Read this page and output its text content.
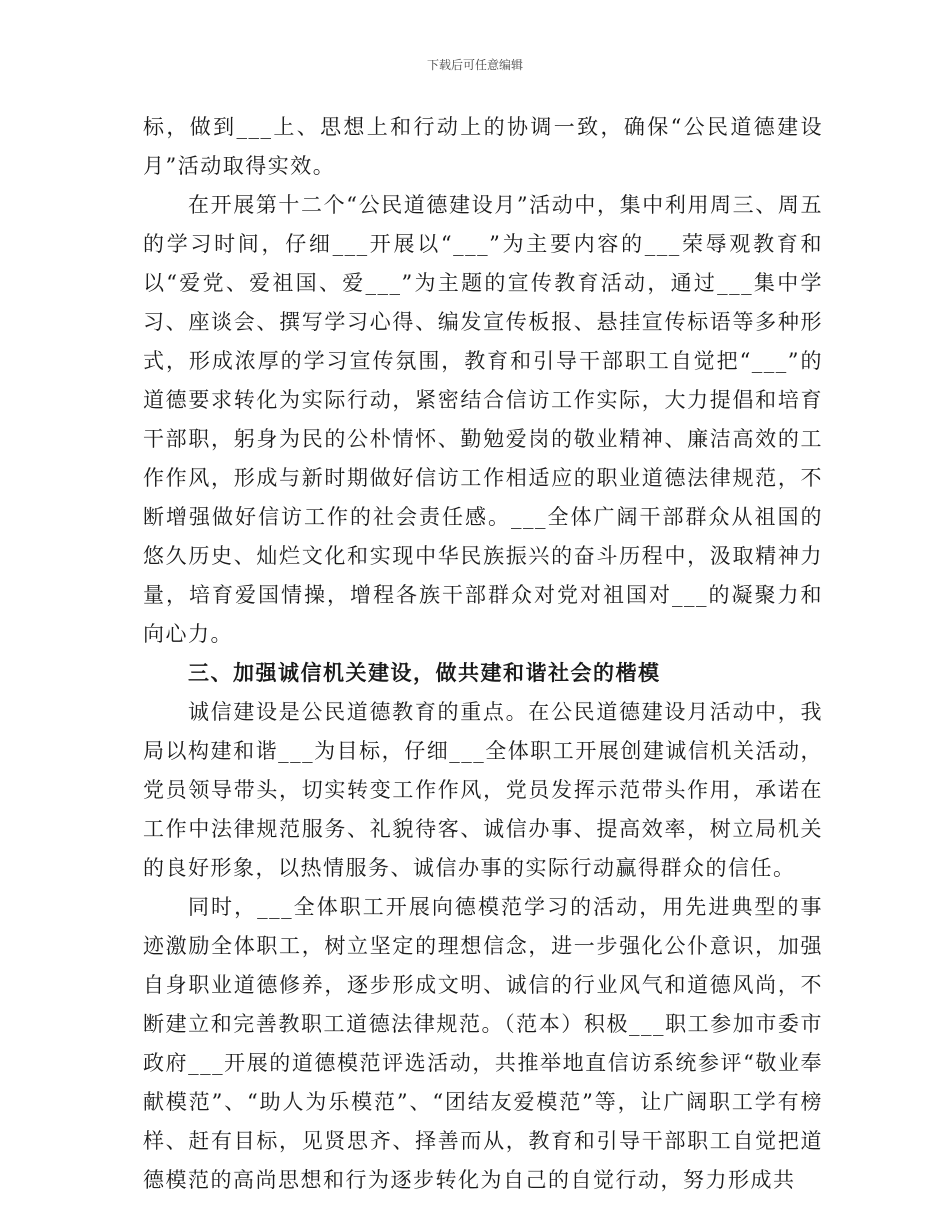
下载后可任意编辑

标，做到___上、思想上和行动上的协调一致，确保“公民道德建设月”活动取得实效。

在开展第十二个“公民道德建设月”活动中，集中利用周三、周五的学习时间，仔细___开展以“___”为主要内容的___荣辱观教育和以“爱党、爱祖国、爱___”为主题的宣传教育活动，通过___集中学习、座谈会、撰写学习心得、编发宣传板报、悬挂宣传标语等多种形式，形成浓厚的学习宣传氛围，教育和引导干部职工自觉把“___”的道德要求转化为实际行动，紧密结合信访工作实际，大力提倡和培育干部职，躬身为民的公朴情怀、勤勉爱岗的敬业精神、廉洁高效的工作作风，形成与新时期做好信访工作相适应的职业道德法律规范，不断增强做好信访工作的社会责任感。___全体广阔干部群众从祖国的悠久历史、灿烂文化和实现中华民族振兴的奋斗历程中，汲取精神力量，培育爱国情操，增程各族干部群众对党对祖国对___的凝聚力和向心力。

三、加强诚信机关建设，做共建和谐社会的楷模

诚信建设是公民道德教育的重点。在公民道德建设月活动中，我局以构建和谐___为目标，仔细___全体职工开展创建诚信机关活动，党员领导带头，切实转变工作作风，党员发挥示范带头作用，承诺在工作中法律规范服务、礼貌待客、诚信办事、提高效率，树立局机关的良好形象，以热情服务、诚信办事的实际行动赢得群众的信任。

同时，___全体职工开展向德模范学习的活动，用先进典型的事迹激励全体职工，树立坚定的理想信念，进一步强化公仆意识，加强自身职业道德修养，逐步形成文明、诚信的行业风气和道德风尚，不断建立和完善教职工道德法律规范。（范本）积极___职工参加市委市政府___开展的道德模范评选活动，共推举地直信访系统参评“敬业奉献模范”、“助人为乐模范”、“团结友爱模范”等，让广阔职工学有榜样、赶有目标，见贤思齐、择善而从，教育和引导干部职工自觉把道德模范的高尚思想和行为逐步转化为自己的自觉行动，努力形成共
